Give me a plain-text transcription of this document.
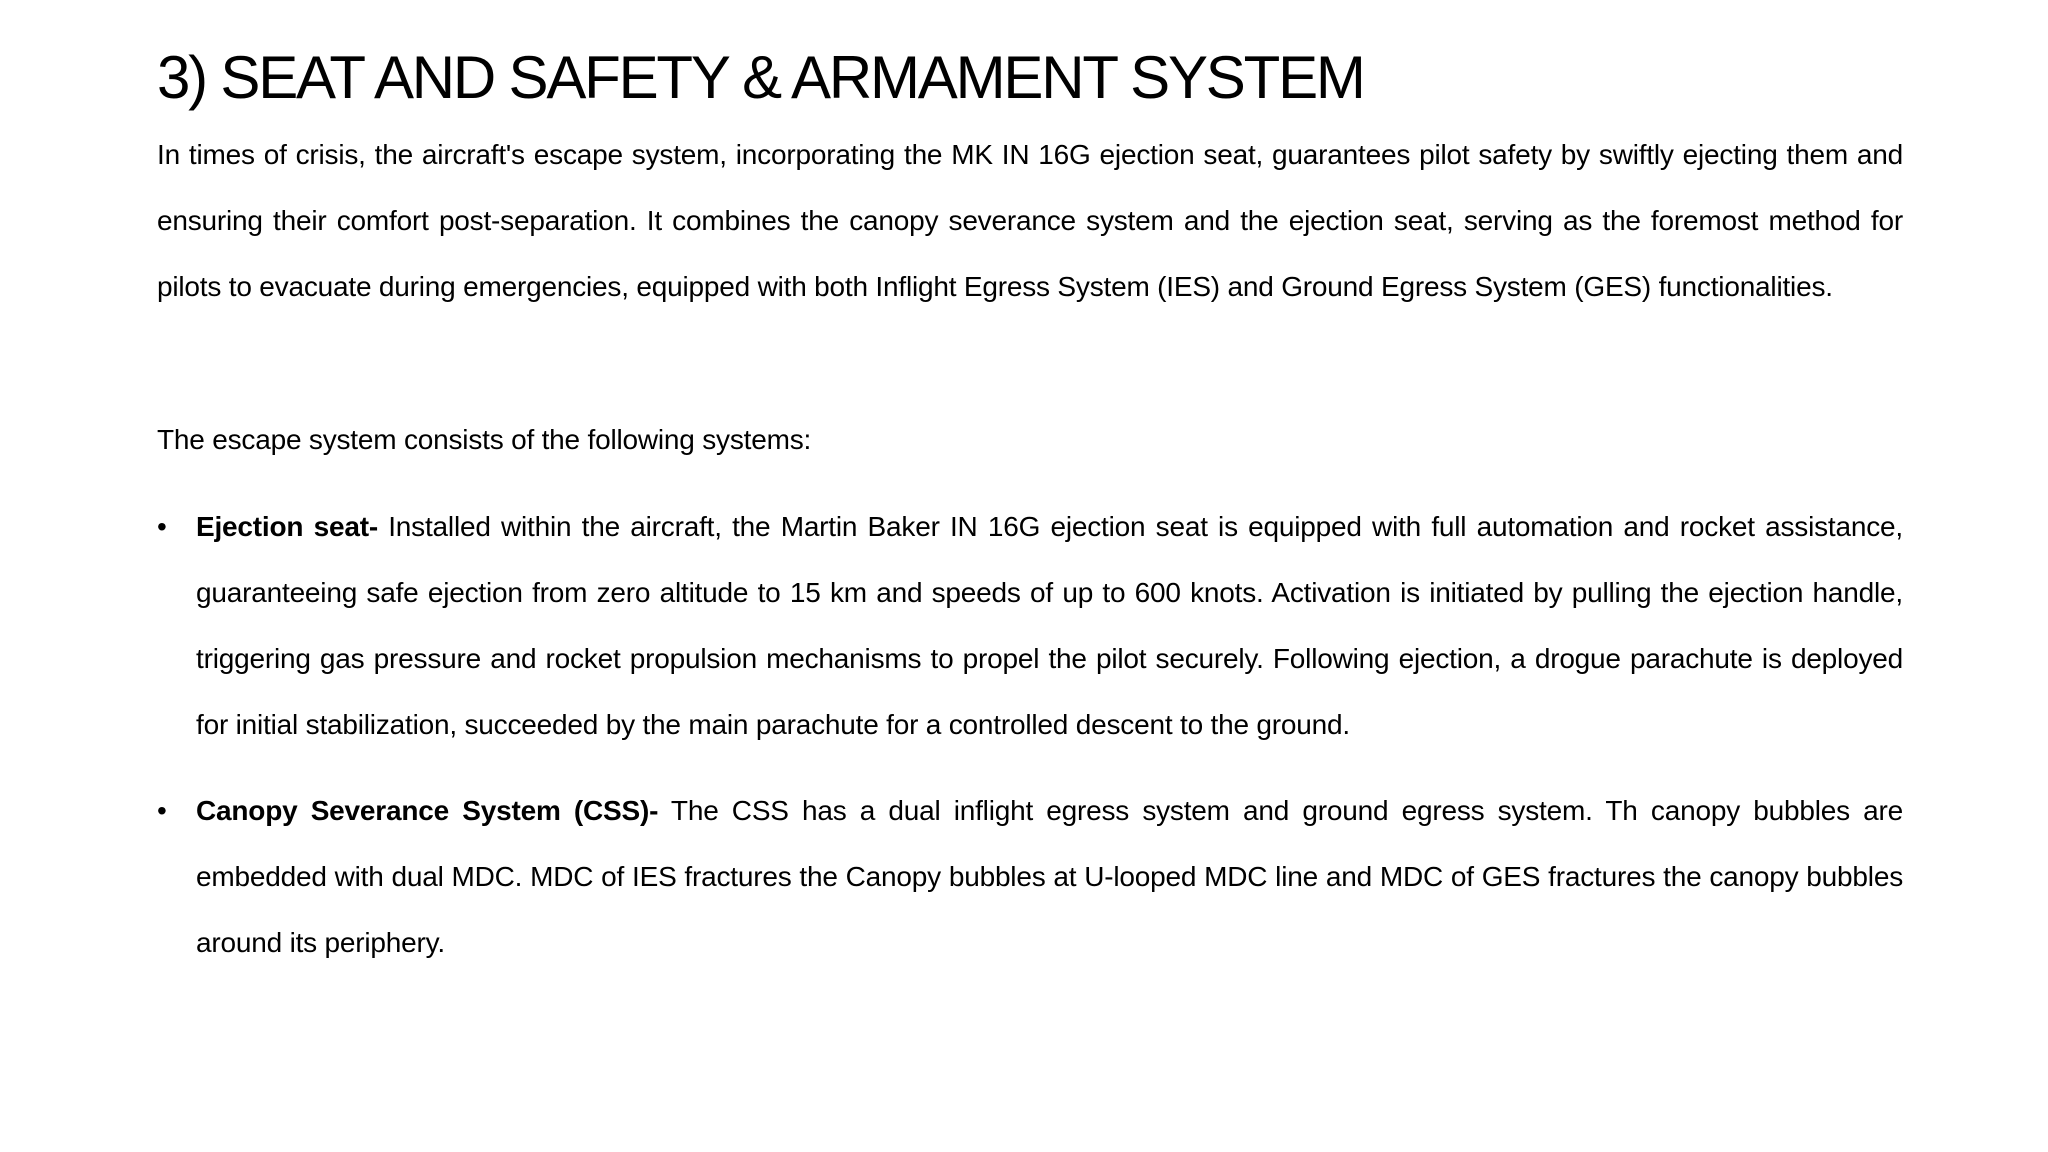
3) SEAT AND SAFETY & ARMAMENT SYSTEM

In times of crisis, the aircraft's escape system, incorporating the MK IN 16G ejection seat, guarantees pilot safety by swiftly ejecting them and ensuring their comfort post-separation. It combines the canopy severance system and the ejection seat, serving as the foremost method for pilots to evacuate during emergencies, equipped with both Inflight Egress System (IES) and Ground Egress System (GES) functionalities.

The escape system consists of the following systems:

•	Ejection seat- Installed within the aircraft, the Martin Baker IN 16G ejection seat is equipped with full automation and rocket assistance, guaranteeing safe ejection from zero altitude to 15 km and speeds of up to 600 knots. Activation is initiated by pulling the ejection handle, triggering gas pressure and rocket propulsion mechanisms to propel the pilot securely. Following ejection, a drogue parachute is deployed for initial stabilization, succeeded by the main parachute for a controlled descent to the ground.
•	Canopy Severance System (CSS)- The CSS has a dual inflight egress system and ground egress system. Th canopy bubbles are embedded with dual MDC. MDC of IES fractures the Canopy bubbles at U-looped MDC line and MDC of GES fractures the canopy bubbles around its periphery.
